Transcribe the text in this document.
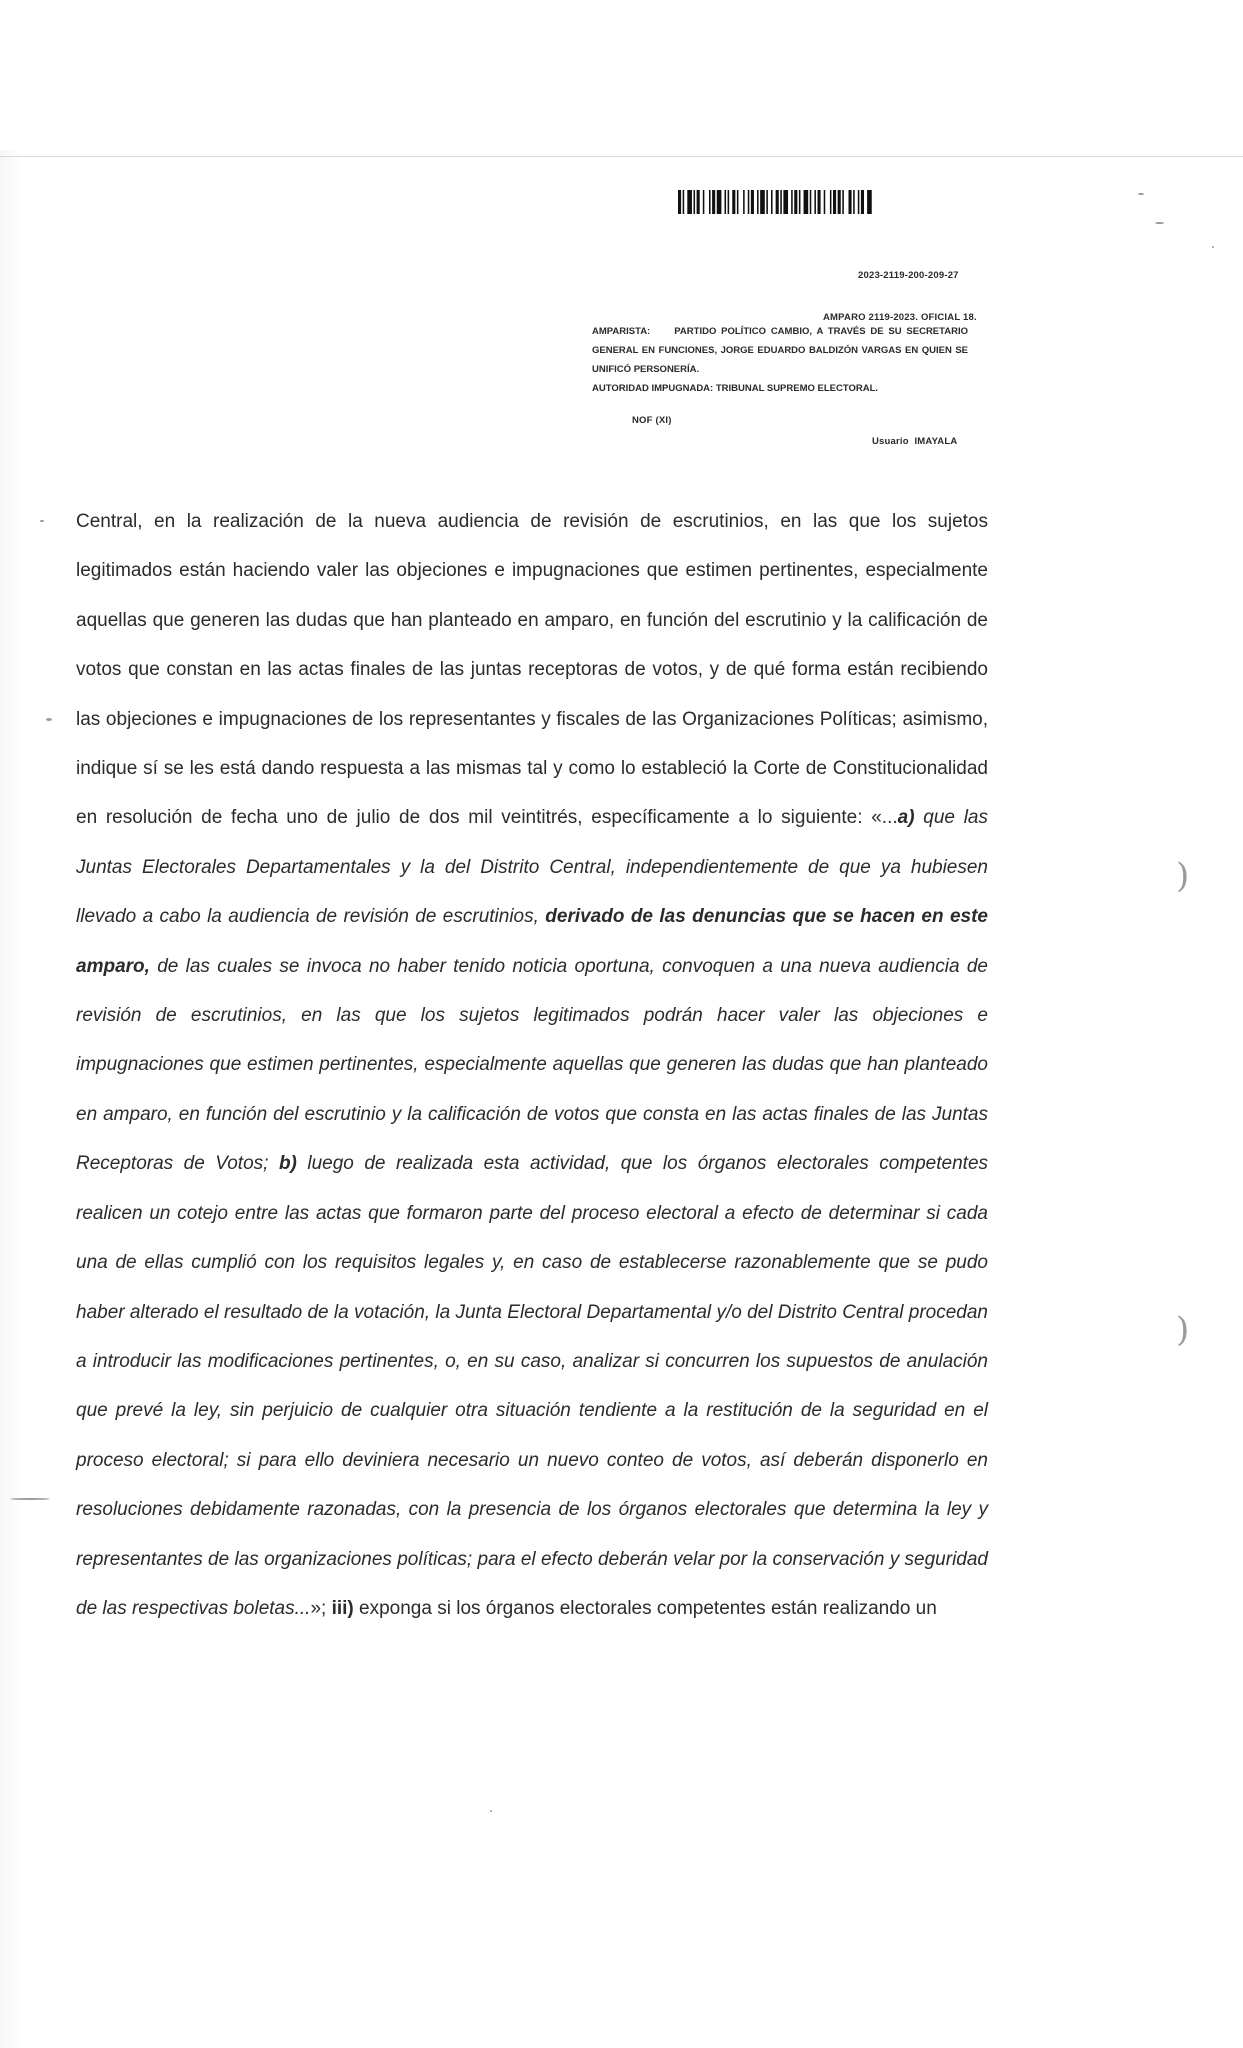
2023-2119-200-209-27
AMPARO 2119-2023. OFICIAL 18.

AMPARISTA:	PARTIDO POLÍTICO CAMBIO, A TRAVÉS DE SU SECRETARIO GENERAL EN FUNCIONES, JORGE EDUARDO BALDIZÓN VARGAS EN QUIEN SE UNIFICÓ PERSONERÍA.

AUTORIDAD IMPUGNADA: TRIBUNAL SUPREMO ELECTORAL.

NOF (XI)
Usuario IMAYALA
Central, en la realización de la nueva audiencia de revisión de escrutinios, en las que los sujetos legitimados están haciendo valer las objeciones e impugnaciones que estimen pertinentes, especialmente aquellas que generen las dudas que han planteado en amparo, en función del escrutinio y la calificación de votos que constan en las actas finales de las juntas receptoras de votos, y de qué forma están recibiendo las objeciones e impugnaciones de los representantes y fiscales de las Organizaciones Políticas; asimismo, indique sí se les está dando respuesta a las mismas tal y como lo estableció la Corte de Constitucionalidad en resolución de fecha uno de julio de dos mil veintitrés, específicamente a lo siguiente: «...a) que las Juntas Electorales Departamentales y la del Distrito Central, independientemente de que ya hubiesen llevado a cabo la audiencia de revisión de escrutinios, derivado de las denuncias que se hacen en este amparo, de las cuales se invoca no haber tenido noticia oportuna, convoquen a una nueva audiencia de revisión de escrutinios, en las que los sujetos legitimados podrán hacer valer las objeciones e impugnaciones que estimen pertinentes, especialmente aquellas que generen las dudas que han planteado en amparo, en función del escrutinio y la calificación de votos que consta en las actas finales de las Juntas Receptoras de Votos; b) luego de realizada esta actividad, que los órganos electorales competentes realicen un cotejo entre las actas que formaron parte del proceso electoral a efecto de determinar si cada una de ellas cumplió con los requisitos legales y, en caso de establecerse razonablemente que se pudo haber alterado el resultado de la votación, la Junta Electoral Departamental y/o del Distrito Central procedan a introducir las modificaciones pertinentes, o, en su caso, analizar si concurren los supuestos de anulación que prevé la ley, sin perjuicio de cualquier otra situación tendiente a la restitución de la seguridad en el proceso electoral; si para ello deviniera necesario un nuevo conteo de votos, así deberán disponerlo en resoluciones debidamente razonadas, con la presencia de los órganos electorales que determina la ley y representantes de las organizaciones políticas; para el efecto deberán velar por la conservación y seguridad de las respectivas boletas...»; iii) exponga si los órganos electorales competentes están realizando un
)
)
